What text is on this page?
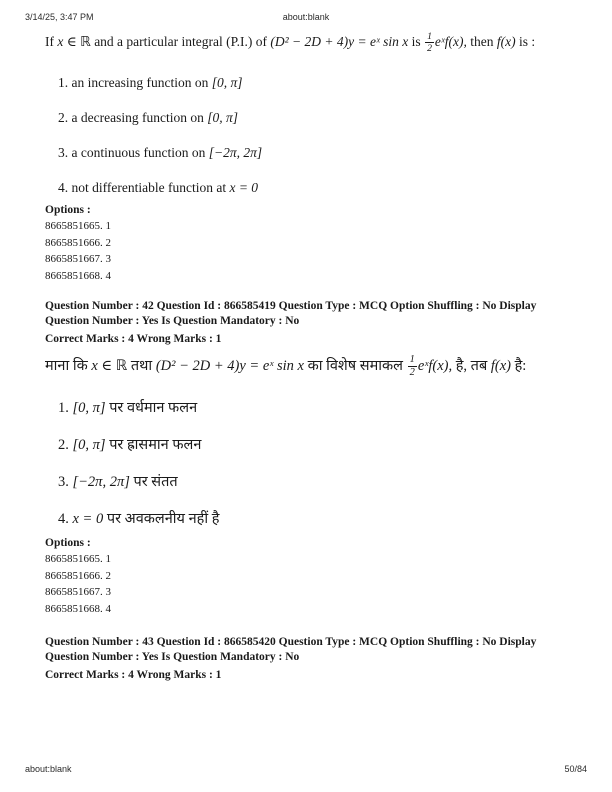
3/14/25, 3:47 PM	about:blank
If x ∈ ℝ and a particular integral (P.I.) of (D² − 2D + 4)y = eˣ sin x is $\frac{1}{2}$ eˣf(x), then f(x) is :
1. an increasing function on [0, π]
2. a decreasing function on [0, π]
3. a continuous function on [−2π, 2π]
4. not differentiable function at x = 0
Options :
8665851665. 1
8665851666. 2
8665851667. 3
8665851668. 4
Question Number : 42 Question Id : 866585419 Question Type : MCQ Option Shuffling : No Display Question Number : Yes Is Question Mandatory : No
Correct Marks : 4 Wrong Marks : 1
माना कि x ∈ ℝ तथा (D² − 2D + 4)y = eˣ sin x का विशेष समाकल $\frac{1}{2}$ eˣf(x), है, तब f(x) है:
1. [0, π] पर वर्धमान फलन
2. [0, π] पर ह्रासमान फलन
3. [−2π, 2π] पर संतत
4. x = 0 पर अवकलनीय नहीं है
Options :
8665851665. 1
8665851666. 2
8665851667. 3
8665851668. 4
Question Number : 43 Question Id : 866585420 Question Type : MCQ Option Shuffling : No Display Question Number : Yes Is Question Mandatory : No
Correct Marks : 4 Wrong Marks : 1
about:blank	50/84
